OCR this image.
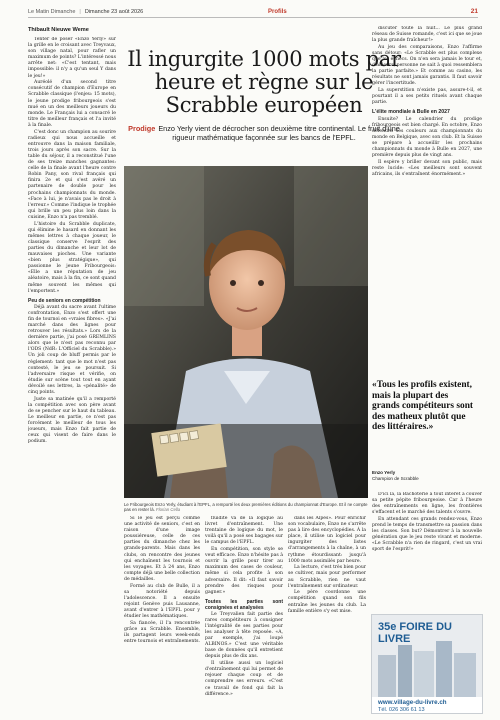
Le Matin Dimanche | Dimanche 23 août 2026	Profils	21
Thibault Nieuwe Weme

Tenter de poser «Enzo Yerly» sur la grille en le croisant avec Treyvaux, son village natal, pour rafler un maximum de points? L'intéressé nous arrête net: «C'est tentant, mais impossible: il n'y a qu'un seul Y dans le jeu!»

Auréolé d'un second titre consécutif de champion d'Europe en Scrabble classique (l'enjeu: 15 mots), le jeune prodige fribourgeois s'est mué en un des meilleurs joueurs du monde. Le Français lui a consacré le titre de meilleur français et l'a invité à la finale.

C'est donc un champion au sourire radieux qui nous accueille et entrouvre dans la maison familiale, trois jours après son sacre. Sur la table du séjour, il a reconstitué l'une de ses treize manches gagnantes: celle de la finale avant l'heure contre Robin Pany, son rival français qui finira 2e et qui s'est avéré un partenaire de double pour les prochains championnats du monde. «Face à lui, je n'avais pas le droit à l'erreur.» Comme l'indique le trophée qui brille un peu plus loin dans la cuisine, Enzo n'a pas tremblé.

L'histoire du Scrabble duplicate, qui élimine le hasard en donnant les mêmes lettres à chaque joueur, le classique conserve l'esprit des parties du dimanche et leur lot de mauvaises pioches. Une variante «bien plus stratégique», qui passionne le jeune Fribourgeois: «Elle a une réputation de jeu aléatoire, mais à la fin, ce sont quand même souvent les mêmes qui l'emportent.»

Peu de seniors en compétition

Déjà avant du sacre avant l'ultime confrontation, Enzo s'est offert une fin de tournoi en «vraies fibres». «J'ai marché dans des lignes pour retrouver les résultats.» Lors de la dernière partie, j'ai posé GREMLINS alors que le n'est pas reconnu par l'ODS (NdR: L'Officiel du Scrabble).» Un joli coup de bluff permis par le règlement: tant que le mot n'est pas contesté, le jeu se poursuit. Si l'adversaire risque et vérifie, on étudie sur scène tout tout en ayant dévoilé ses lettres, la «pénalité» de cinq points.

Juste sa matinée qu'il a remporté la compétition avec son père avant de se pencher sur le haut du tableau. Le meilleur en partie, ce n'est pas forcément le meilleur de tous les joueurs, mais Enzo fait partie de ceux qui visent de faire dans le podium.

Il ingurgite 1000 mots par heure et règne sur le Scrabble européen
Prodige Enzo Yerly vient de décrocher son deuxième titre continental. Le fruit d'une rigueur mathématique façonnée sur les bancs de l'EPFL.
Le Fribourgeois Enzo Yerly, étudiant à l'EPFL, a remporté les deux premières éditions du championnat d'Europe. Et il ne compte pas en rester là. Florian Cella

Si le jeu est perçu comme une activité de seniors, c'est en raison d'une image poussiéreuse, celle de ces parties du dimanche chez les grands-parents. Mais dans les clubs, on rencontre des jeunes qui enchaînent les tournois et les voyages. Et à 24 ans, Enzo compte déjà une belle collection de médailles.

Formé au club de Bulle, il a sa notoriété depuis l'adolescence. Il a ensuite rejoint Genève puis Lausanne, avant d'entrer à l'EPFL pour y étudier les mathématiques.

Sa fiancée, il l'a rencontrée grâce au Scrabble. Ensemble, ils partagent leurs week-ends entre tournois et entraînements.

fluidité va de la logique au livret d'entraînement. Une trentaine de logique du mot, le voilà qu'il a posé ses bagages sur le campus de l'EPFL.

En compétition, son style se veut efficace. Enzo n'hésite pas à ouvrir la grille pour tirer au maximum des cases de couleur, même si cela profite à son adversaire. Il dit: «Il faut savoir prendre des risques pour gagner.»

Toutes les parties sont consignées et analysées

Le Treyvalien fait partie des rares compétiteurs à consigner l'intégralité de ses parties pour les analyser à tête reposée. «A, par exemple, j'ai loupé ALBINOS.» C'est une véritable base de données qu'il entretient depuis plus de dix ans.

Il utilise aussi un logiciel d'entraînement qui lui permet de rejouer chaque coup et de comprendre ses erreurs. «C'est ce travail de fond qui fait la différence.»

dans les Alpes». Pour enrichir son vocabulaire, Enzo ne s'arrête pas à lire des encyclopédies. À la place, il utilise un logiciel pour ingurgiter des listes d'arrangements à la chaîne, à un rythme étourdissant: jusqu'à 1000 mots assimilés par heure.

La lecture, c'est très bien pour se cultiver, mais pour performer au Scrabble, rien ne vaut l'entraînement sur ordinateur.

Le père coordonne une compétition quand son fils entraîne les jeunes du club. La famille entière s'y est mise.

discuter toute la nuit... Le plus grand réseau de Suisse romande, c'est ici que se joue la plus grande fraîcheur!»

Au jeu des comparaisons, Enzo l'affirme sans détour: «Le Scrabble est plus complexe que les échecs. On n'en sera jamais le tour et, d'ailleurs, personne ne sait à quoi ressemblera la partie parfaite.» Et comme au casino, les résultats ne sont jamais garantis. Il faut savoir gérer l'incertitude.

La superstition n'existe pas, assure-t-il, et pourtant il a ses petits rituels avant chaque partie.

L'élite mondiale à Bulle en 2027

Ensuite? Le calendrier du prodige fribourgeois est bien chargé. En octobre, Enzo défendra ses couleurs aux championnats du monde en Belgique, avec son club. Et la Suisse se prépare à accueillir les prochains championnats du monde à Bulle en 2027, une première depuis plus de vingt ans.

Il espère y briller devant son public, mais reste lucide: «Les meilleurs sont souvent africains, ils s'entraînent énormément.»

«Tous les profils existent, mais la plupart des grands compétiteurs sont des matheux plutôt que des littéraires.»
Enzo Yerly
Champion de Scrabble

D'ici là, la Bâchoterie a tout intérêt à couver sa petite pépite fribourgeoise. Car à l'heure des entraînements en ligne, les frontières s'effacent et le marché des talents s'ouvre.

En attendant ces grands rendez-vous, Enzo prend le temps de transmettre sa passion dans les classes. Son but? Démontrer à la nouvelle génération que le jeu reste vivant et moderne. «Le Scrabble n'a rien de ringard, c'est un vrai sport de l'esprit!»

35e FOIRE DU LIVRE
www.village-du-livre.ch
Tél. 026 306 61 13
